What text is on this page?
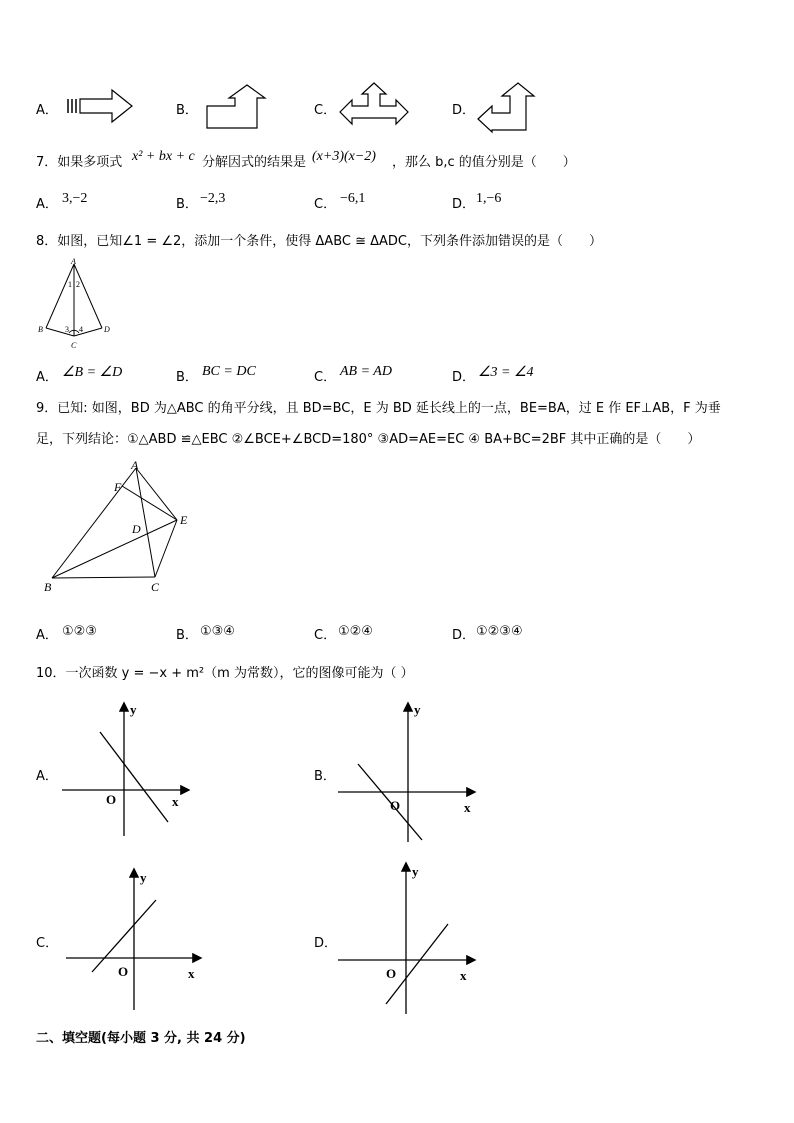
A．	B．	C．	D．
7．如果多项式 x² + bx + c 分解因式的结果是 (x+3)(x−2) ，那么 b,c 的值分别是（　　）
A． 3,−2	B． −2,3	C． −6,1	D． 1,−6
8．如图，已知∠1 = ∠2，添加一个条件，使得 ΔABC ≅ ΔADC，下列条件添加错误的是（　　）
A
1 2
B	3 4	D
C
A． ∠B = ∠D	B． BC = DC	C． AB = AD	D． ∠3 = ∠4
9．已知: 如图，BD 为△ABC 的角平分线，且 BD=BC，E 为 BD 延长线上的一点，BE=BA，过 E 作 EF⊥AB，F 为垂
足，下列结论：①△ABD ≌△EBC ②∠BCE+∠BCD=180° ③AD=AE=EC ④ BA+BC=2BF 其中正确的是（　　）
A
F
D
E
B	C
A． ①②③	B． ①③④	C． ①②④	D． ①②③④
10．一次函数 y = −x + m²（m 为常数），它的图像可能为（ ）
A．
y
x
O
B．
y
x
O
C．
y
x
O
D．
y
x
O
二、填空题(每小题 3 分, 共 24 分)
